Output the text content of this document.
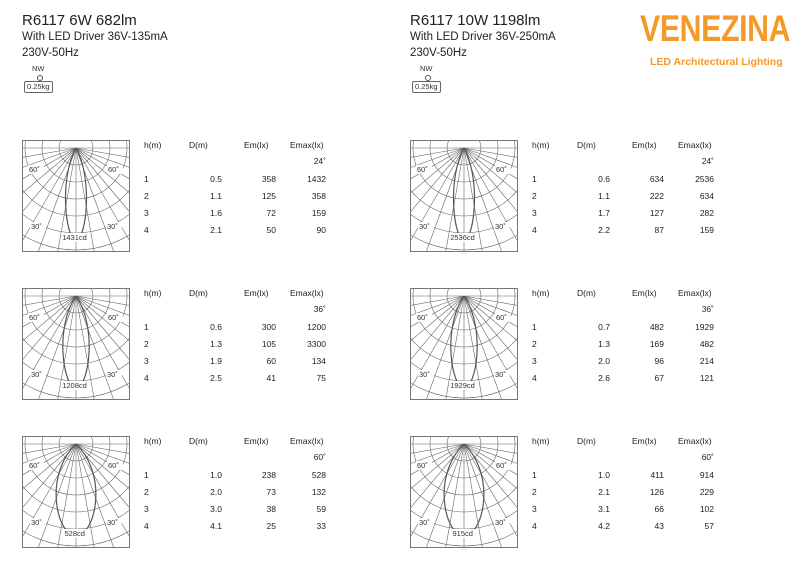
VENEZINA
LED Architectural Lighting
R6117 6W 682lm
With LED Driver 36V-135mA
230V-50Hz
NW
0.25kg
60˚	60˚
30˚	30˚
1431cd
h(m)	D(m)	Em(lx)	Emax(lx)
24˚
1	0.5	358	1432
2	1.1	125	358
3	1.6	72	159
4	2.1	50	90
60˚	60˚
30˚	30˚
1208cd
h(m)	D(m)	Em(lx)	Emax(lx)
36˚
1	0.6	300	1200
2	1.3	105	3300
3	1.9	60	134
4	2.5	41	75
60˚	60˚
30˚	30˚
528cd
h(m)	D(m)	Em(lx)	Emax(lx)
60˚
1	1.0	238	528
2	2.0	73	132
3	3.0	38	59
4	4.1	25	33
R6117 10W 1198lm
With LED Driver 36V-250mA
230V-50Hz
NW
0.25kg
60˚	60˚
30˚	30˚
2536cd
h(m)	D(m)	Em(lx)	Emax(lx)
24˚
1	0.6	634	2536
2	1.1	222	634
3	1.7	127	282
4	2.2	87	159
60˚	60˚
30˚	30˚
1929cd
h(m)	D(m)	Em(lx)	Emax(lx)
36˚
1	0.7	482	1929
2	1.3	169	482
3	2.0	96	214
4	2.6	67	121
60˚	60˚
30˚	30˚
915cd
h(m)	D(m)	Em(lx)	Emax(lx)
60˚
1	1.0	411	914
2	2.1	126	229
3	3.1	66	102
4	4.2	43	57
